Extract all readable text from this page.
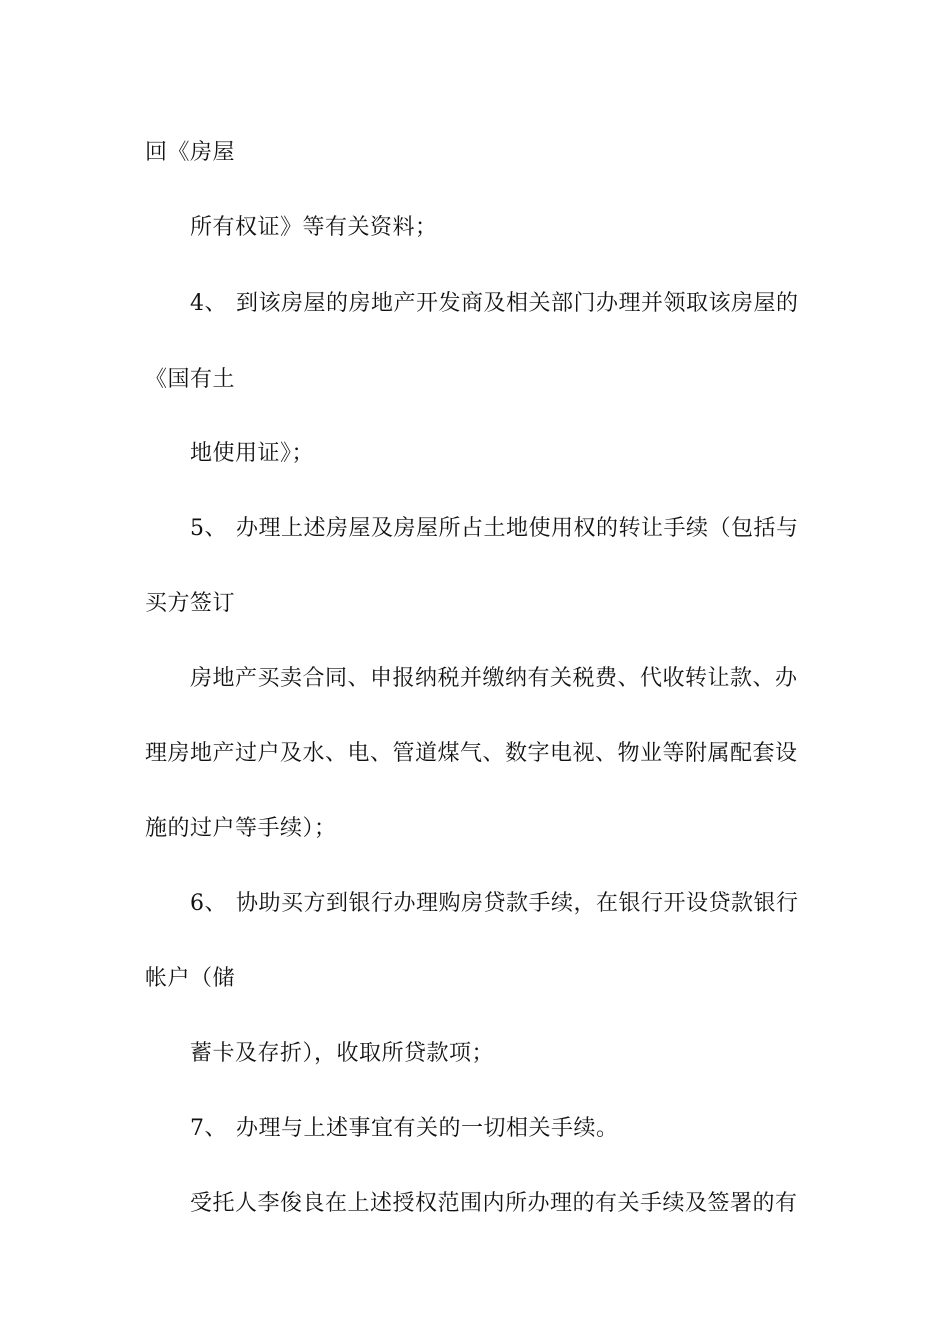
回《房屋
所有权证》等有关资料；
4、 到该房屋的房地产开发商及相关部门办理并领取该房屋的
《国有土
地使用证》；
5、 办理上述房屋及房屋所占土地使用权的转让手续（包括与
买方签订
房地产买卖合同、申报纳税并缴纳有关税费、代收转让款、办
理房地产过户及水、电、管道煤气、数字电视、物业等附属配套设
施的过户等手续）；
6、 协助买方到银行办理购房贷款手续，在银行开设贷款银行
帐户（储
蓄卡及存折），收取所贷款项；
7、 办理与上述事宜有关的一切相关手续。
受托人李俊良在上述授权范围内所办理的有关手续及签署的有
